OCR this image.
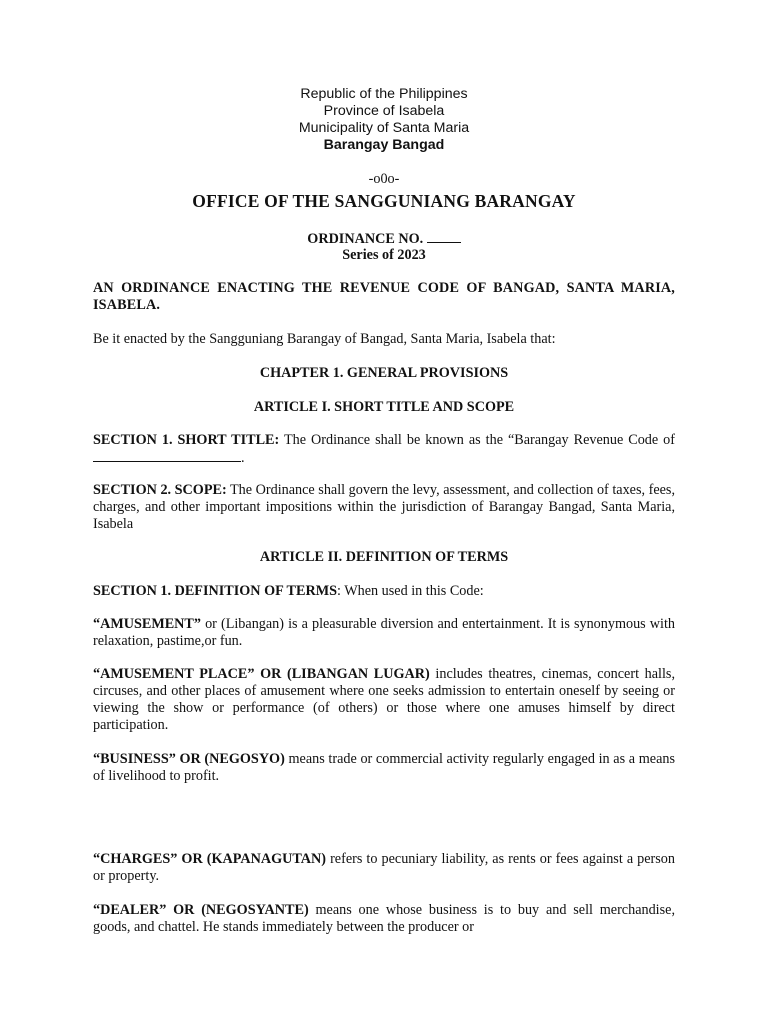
Republic of the Philippines
Province of Isabela
Municipality of Santa Maria
Barangay Bangad
-o0o-
OFFICE OF THE SANGGUNIANG BARANGAY
ORDINANCE NO.
Series of 2023
AN ORDINANCE ENACTING THE REVENUE CODE OF BANGAD, SANTA MARIA, ISABELA.
Be it enacted by the Sangguniang Barangay of Bangad, Santa Maria, Isabela that:
CHAPTER 1. GENERAL PROVISIONS
ARTICLE I. SHORT TITLE AND SCOPE
SECTION 1. SHORT TITLE: The Ordinance shall be known as the “Barangay Revenue Code of .
SECTION 2. SCOPE: The Ordinance shall govern the levy, assessment, and collection of taxes, fees, charges, and other important impositions within the jurisdiction of Barangay Bangad, Santa Maria, Isabela
ARTICLE II. DEFINITION OF TERMS
SECTION 1. DEFINITION OF TERMS: When used in this Code:
“AMUSEMENT” or (Libangan) is a pleasurable diversion and entertainment. It is synonymous with relaxation, pastime,or fun.
“AMUSEMENT PLACE” OR (LIBANGAN LUGAR) includes theatres, cinemas, concert halls, circuses, and other places of amusement where one seeks admission to entertain oneself by seeing or viewing the show or performance (of others) or those where one amuses himself by direct participation.
“BUSINESS” OR (NEGOSYO) means trade or commercial activity regularly engaged in as a means of livelihood to profit.
“CHARGES” OR (KAPANAGUTAN) refers to pecuniary liability, as rents or fees against a person or property.
“DEALER” OR (NEGOSYANTE) means one whose business is to buy and sell merchandise, goods, and chattel. He stands immediately between the producer or
